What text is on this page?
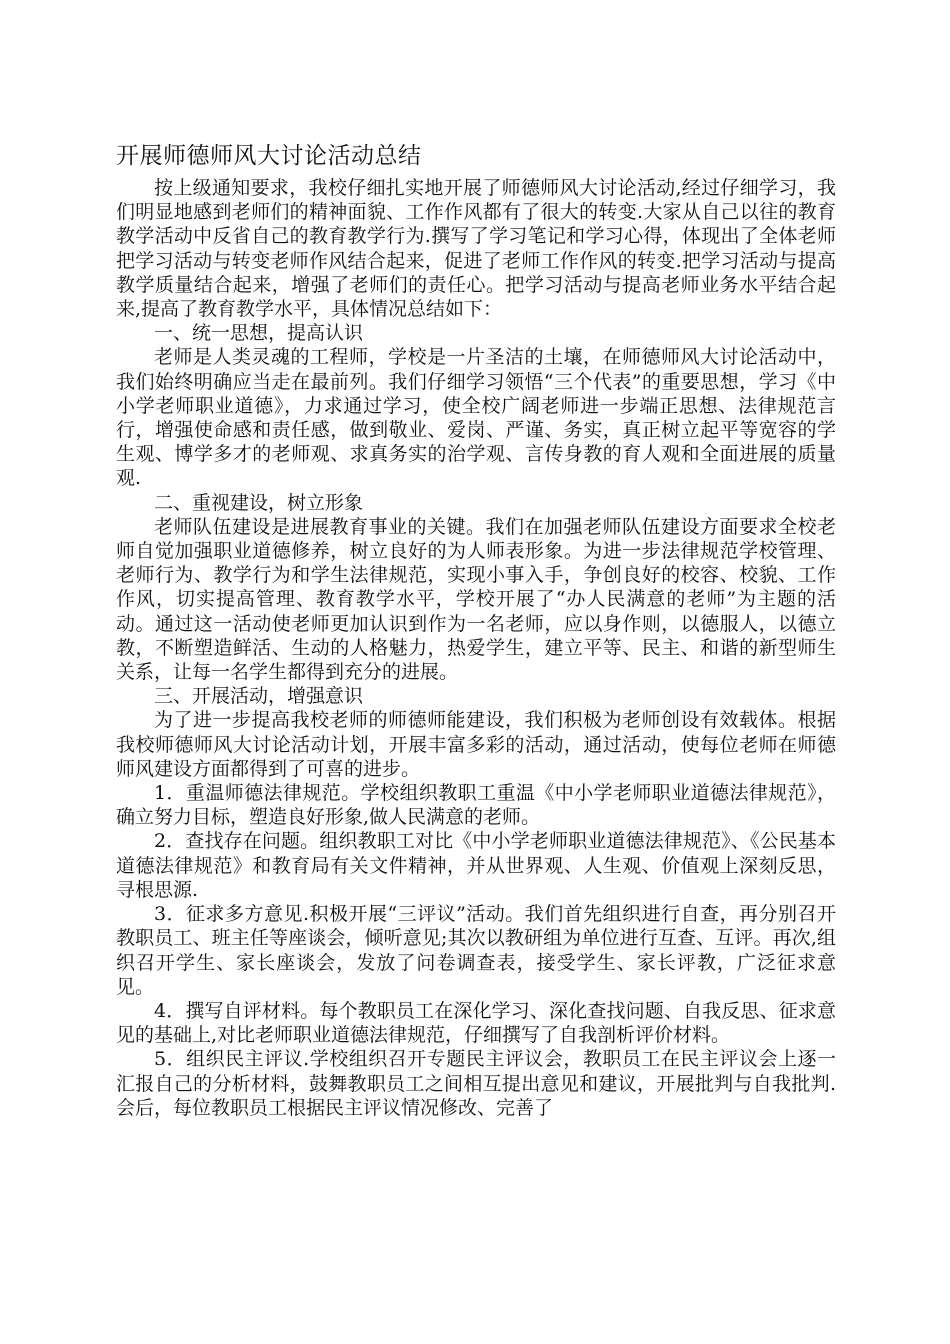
开展师德师风大讨论活动总结

按上级通知要求，我校仔细扎实地开展了师德师风大讨论活动,经过仔细学习，我们明显地感到老师们的精神面貌、工作作风都有了很大的转变.大家从自己以往的教育教学活动中反省自己的教育教学行为.撰写了学习笔记和学习心得，体现出了全体老师把学习活动与转变老师作风结合起来，促进了老师工作作风的转变.把学习活动与提高教学质量结合起来，增强了老师们的责任心。把学习活动与提高老师业务水平结合起来,提高了教育教学水平，具体情况总结如下：

一、统一思想，提高认识

老师是人类灵魂的工程师，学校是一片圣洁的土壤，在师德师风大讨论活动中，我们始终明确应当走在最前列。我们仔细学习领悟“三个代表”的重要思想，学习《中小学老师职业道德》，力求通过学习，使全校广阔老师进一步端正思想、法律规范言行，增强使命感和责任感，做到敬业、爱岗、严谨、务实，真正树立起平等宽容的学生观、博学多才的老师观、求真务实的治学观、言传身教的育人观和全面进展的质量观.

二、重视建设，树立形象

老师队伍建设是进展教育事业的关键。我们在加强老师队伍建设方面要求全校老师自觉加强职业道德修养，树立良好的为人师表形象。为进一步法律规范学校管理、老师行为、教学行为和学生法律规范，实现小事入手，争创良好的校容、校貌、工作作风，切实提高管理、教育教学水平，学校开展了“办人民满意的老师”为主题的活动。通过这一活动使老师更加认识到作为一名老师，应以身作则，以德服人，以德立教，不断塑造鲜活、生动的人格魅力，热爱学生，建立平等、民主、和谐的新型师生关系，让每一名学生都得到充分的进展。

三、开展活动，增强意识

为了进一步提高我校老师的师德师能建设，我们积极为老师创设有效载体。根据我校师德师风大讨论活动计划，开展丰富多彩的活动，通过活动，使每位老师在师德师风建设方面都得到了可喜的进步。

1．重温师德法律规范。学校组织教职工重温《中小学老师职业道德法律规范》，确立努力目标，塑造良好形象,做人民满意的老师。

2．查找存在问题。组织教职工对比《中小学老师职业道德法律规范》、《公民基本道德法律规范》和教育局有关文件精神，并从世界观、人生观、价值观上深刻反思，寻根思源.

3．征求多方意见.积极开展“三评议”活动。我们首先组织进行自查，再分别召开教职员工、班主任等座谈会，倾听意见;其次以教研组为单位进行互查、互评。再次,组织召开学生、家长座谈会，发放了问卷调查表，接受学生、家长评教，广泛征求意见。

4．撰写自评材料。每个教职员工在深化学习、深化查找问题、自我反思、征求意见的基础上,对比老师职业道德法律规范，仔细撰写了自我剖析评价材料。

5．组织民主评议.学校组织召开专题民主评议会，教职员工在民主评议会上逐一汇报自己的分析材料，鼓舞教职员工之间相互提出意见和建议，开展批判与自我批判.会后，每位教职员工根据民主评议情况修改、完善了
